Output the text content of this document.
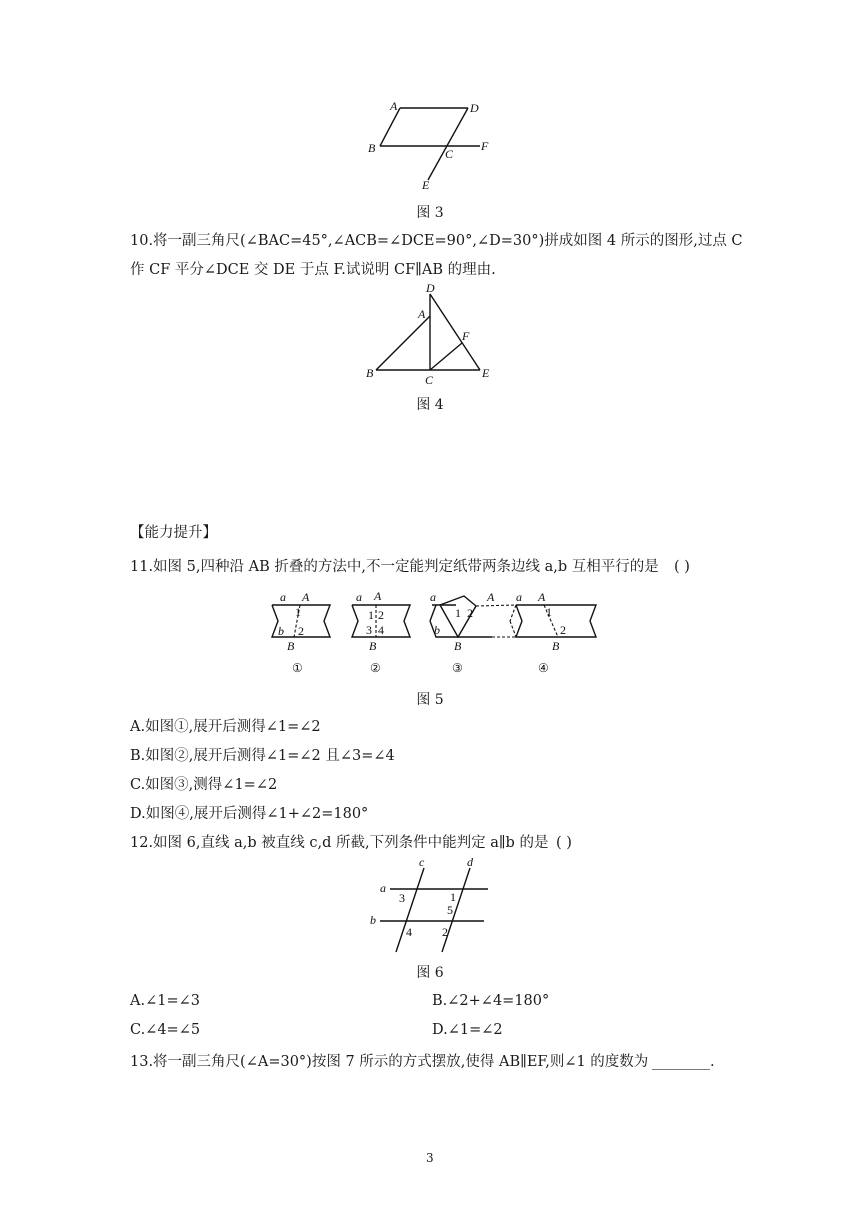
A	D
B	C
F
E
图 3
10.将一副三角尺(∠BAC=45°,∠ACB=∠DCE=90°,∠D=30°)拼成如图 4 所示的图形,过点 C
作 CF 平分∠DCE 交 DE 于点 F.试说明 CF∥AB 的理由.
D
A
F
B	C	E
图 4
【能力提升】
11.如图 5,四种沿 AB 折叠的方法中,不一定能判定纸带两条边线 a,b 互相平行的是 ( )
a A
b
B
1
2
①
a A
B
1 2
3 4
②
a	A
b
B
1 2
③
a A
B
1
2
④
图 5
A.如图①,展开后测得∠1=∠2
B.如图②,展开后测得∠1=∠2 且∠3=∠4
C.如图③,测得∠1=∠2
D.如图④,展开后测得∠1+∠2=180°
12.如图 6,直线 a,b 被直线 c,d 所截,下列条件中能判定 a∥b 的是 ( )
c	d
a
b
3	1
5
4	2
图 6
A.∠1=∠3	B.∠2+∠4=180°
C.∠4=∠5	D.∠1=∠2
13.将一副三角尺(∠A=30°)按图 7 所示的方式摆放,使得 AB∥EF,则∠1 的度数为 ________.
3
